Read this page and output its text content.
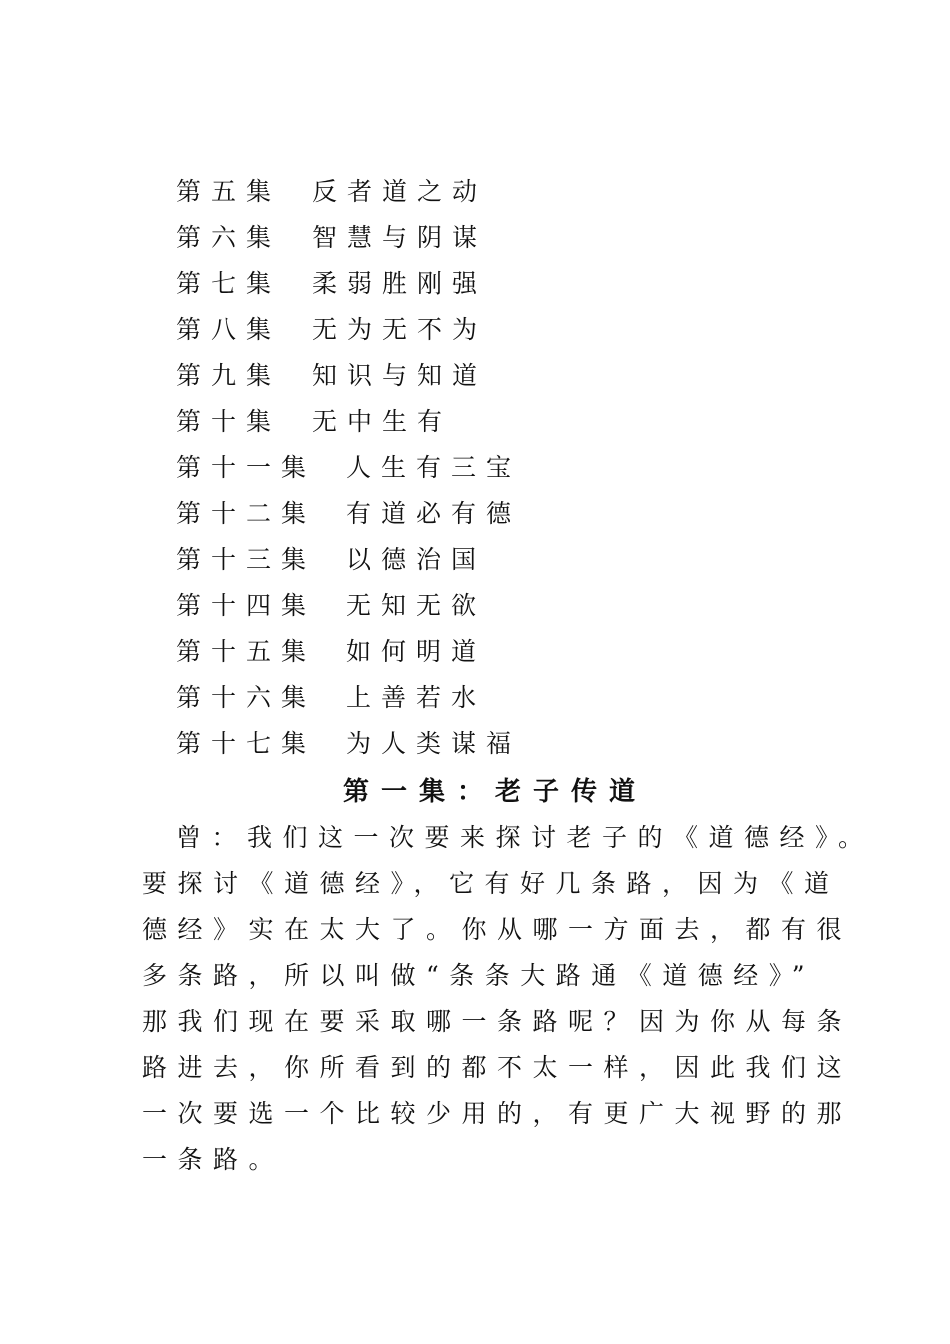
第五集 反者道之动
第六集 智慧与阴谋
第七集 柔弱胜刚强
第八集 无为无不为
第九集 知识与知道
第十集 无中生有
第十一集 人生有三宝
第十二集 有道必有德
第十三集 以德治国
第十四集 无知无欲
第十五集 如何明道
第十六集 上善若水
第十七集 为人类谋福
第一集：老子传道
曾：我们这一次要来探讨老子的《道德经》。
要探讨《道德经》，它有好几条路，因为《道
德经》实在太大了。你从哪一方面去，都有很
多条路，所以叫做“条条大路通《道德经》”
那我们现在要采取哪一条路呢？因为你从每条
路进去，你所看到的都不太一样，因此我们这
一次要选一个比较少用的，有更广大视野的那
一条路。
